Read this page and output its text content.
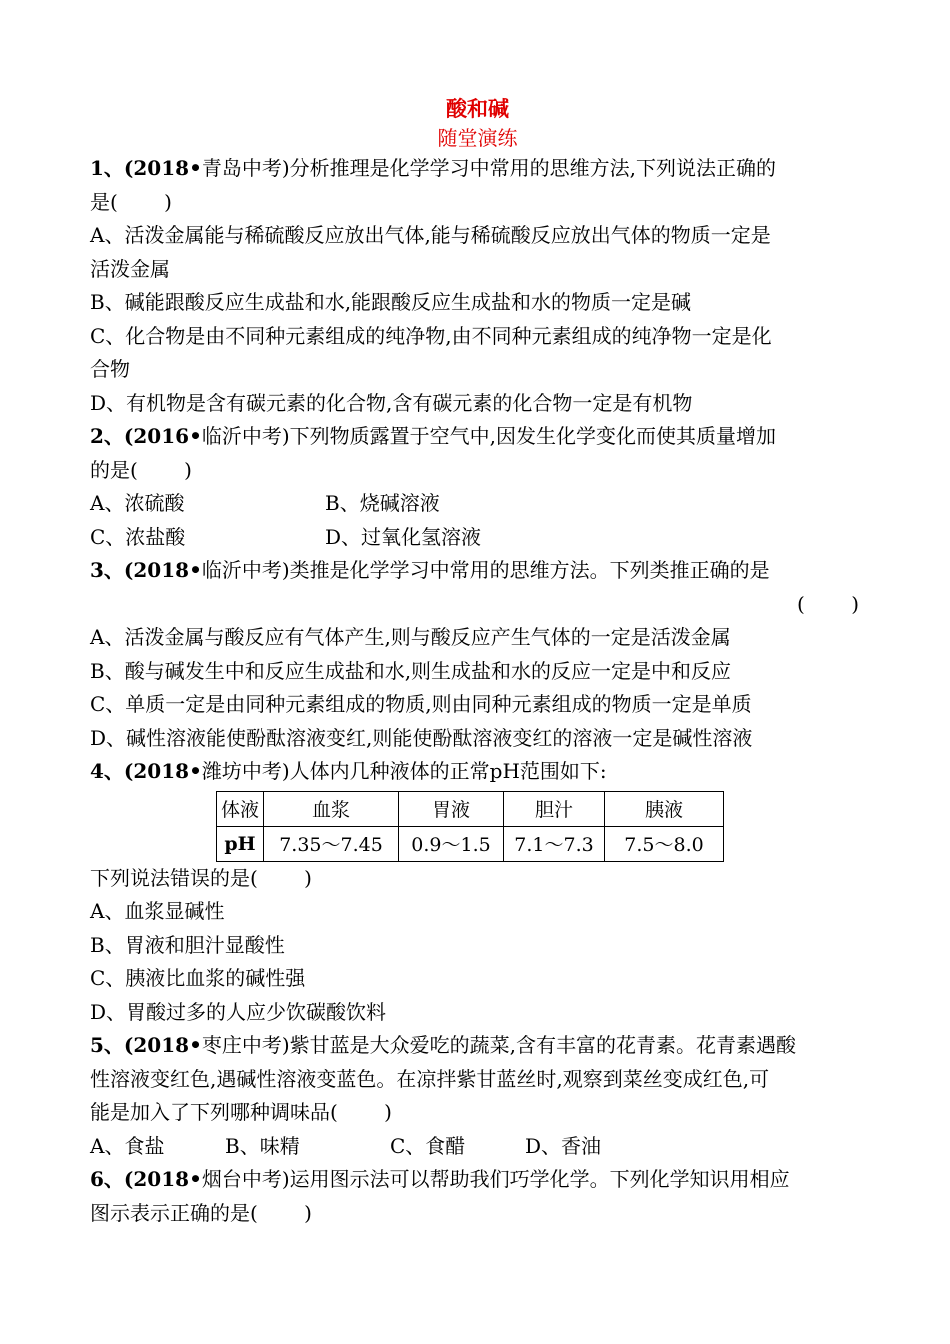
酸和碱
随堂演练
1、(2018•青岛中考)分析推理是化学学习中常用的思维方法,下列说法正确的
是(　　 )
A、活泼金属能与稀硫酸反应放出气体,能与稀硫酸反应放出气体的物质一定是
活泼金属
B、碱能跟酸反应生成盐和水,能跟酸反应生成盐和水的物质一定是碱
C、化合物是由不同种元素组成的纯净物,由不同种元素组成的纯净物一定是化
合物
D、有机物是含有碳元素的化合物,含有碳元素的化合物一定是有机物
2、(2016•临沂中考)下列物质露置于空气中,因发生化学变化而使其质量增加
的是(　　 )
A、浓硫酸	B、烧碱溶液
C、浓盐酸	D、过氧化氢溶液
3、(2018•临沂中考)类推是化学学习中常用的思维方法。下列类推正确的是
(　　 )
A、活泼金属与酸反应有气体产生,则与酸反应产生气体的一定是活泼金属
B、酸与碱发生中和反应生成盐和水,则生成盐和水的反应一定是中和反应
C、单质一定是由同种元素组成的物质,则由同种元素组成的物质一定是单质
D、碱性溶液能使酚酞溶液变红,则能使酚酞溶液变红的溶液一定是碱性溶液
4、(2018•潍坊中考)人体内几种液体的正常pH范围如下:
体液	血浆	胃液	胆汁	胰液
pH	7.35～7.45	0.9～1.5	7.1～7.3	7.5～8.0
下列说法错误的是(　　 )
A、血浆显碱性
B、胃液和胆汁显酸性
C、胰液比血浆的碱性强
D、胃酸过多的人应少饮碳酸饮料
5、(2018•枣庄中考)紫甘蓝是大众爱吃的蔬菜,含有丰富的花青素。花青素遇酸
性溶液变红色,遇碱性溶液变蓝色。在凉拌紫甘蓝丝时,观察到菜丝变成红色,可
能是加入了下列哪种调味品(　　 )
A、食盐	B、味精	C、食醋	D、香油
6、(2018•烟台中考)运用图示法可以帮助我们巧学化学。下列化学知识用相应
图示表示正确的是(　　 )
